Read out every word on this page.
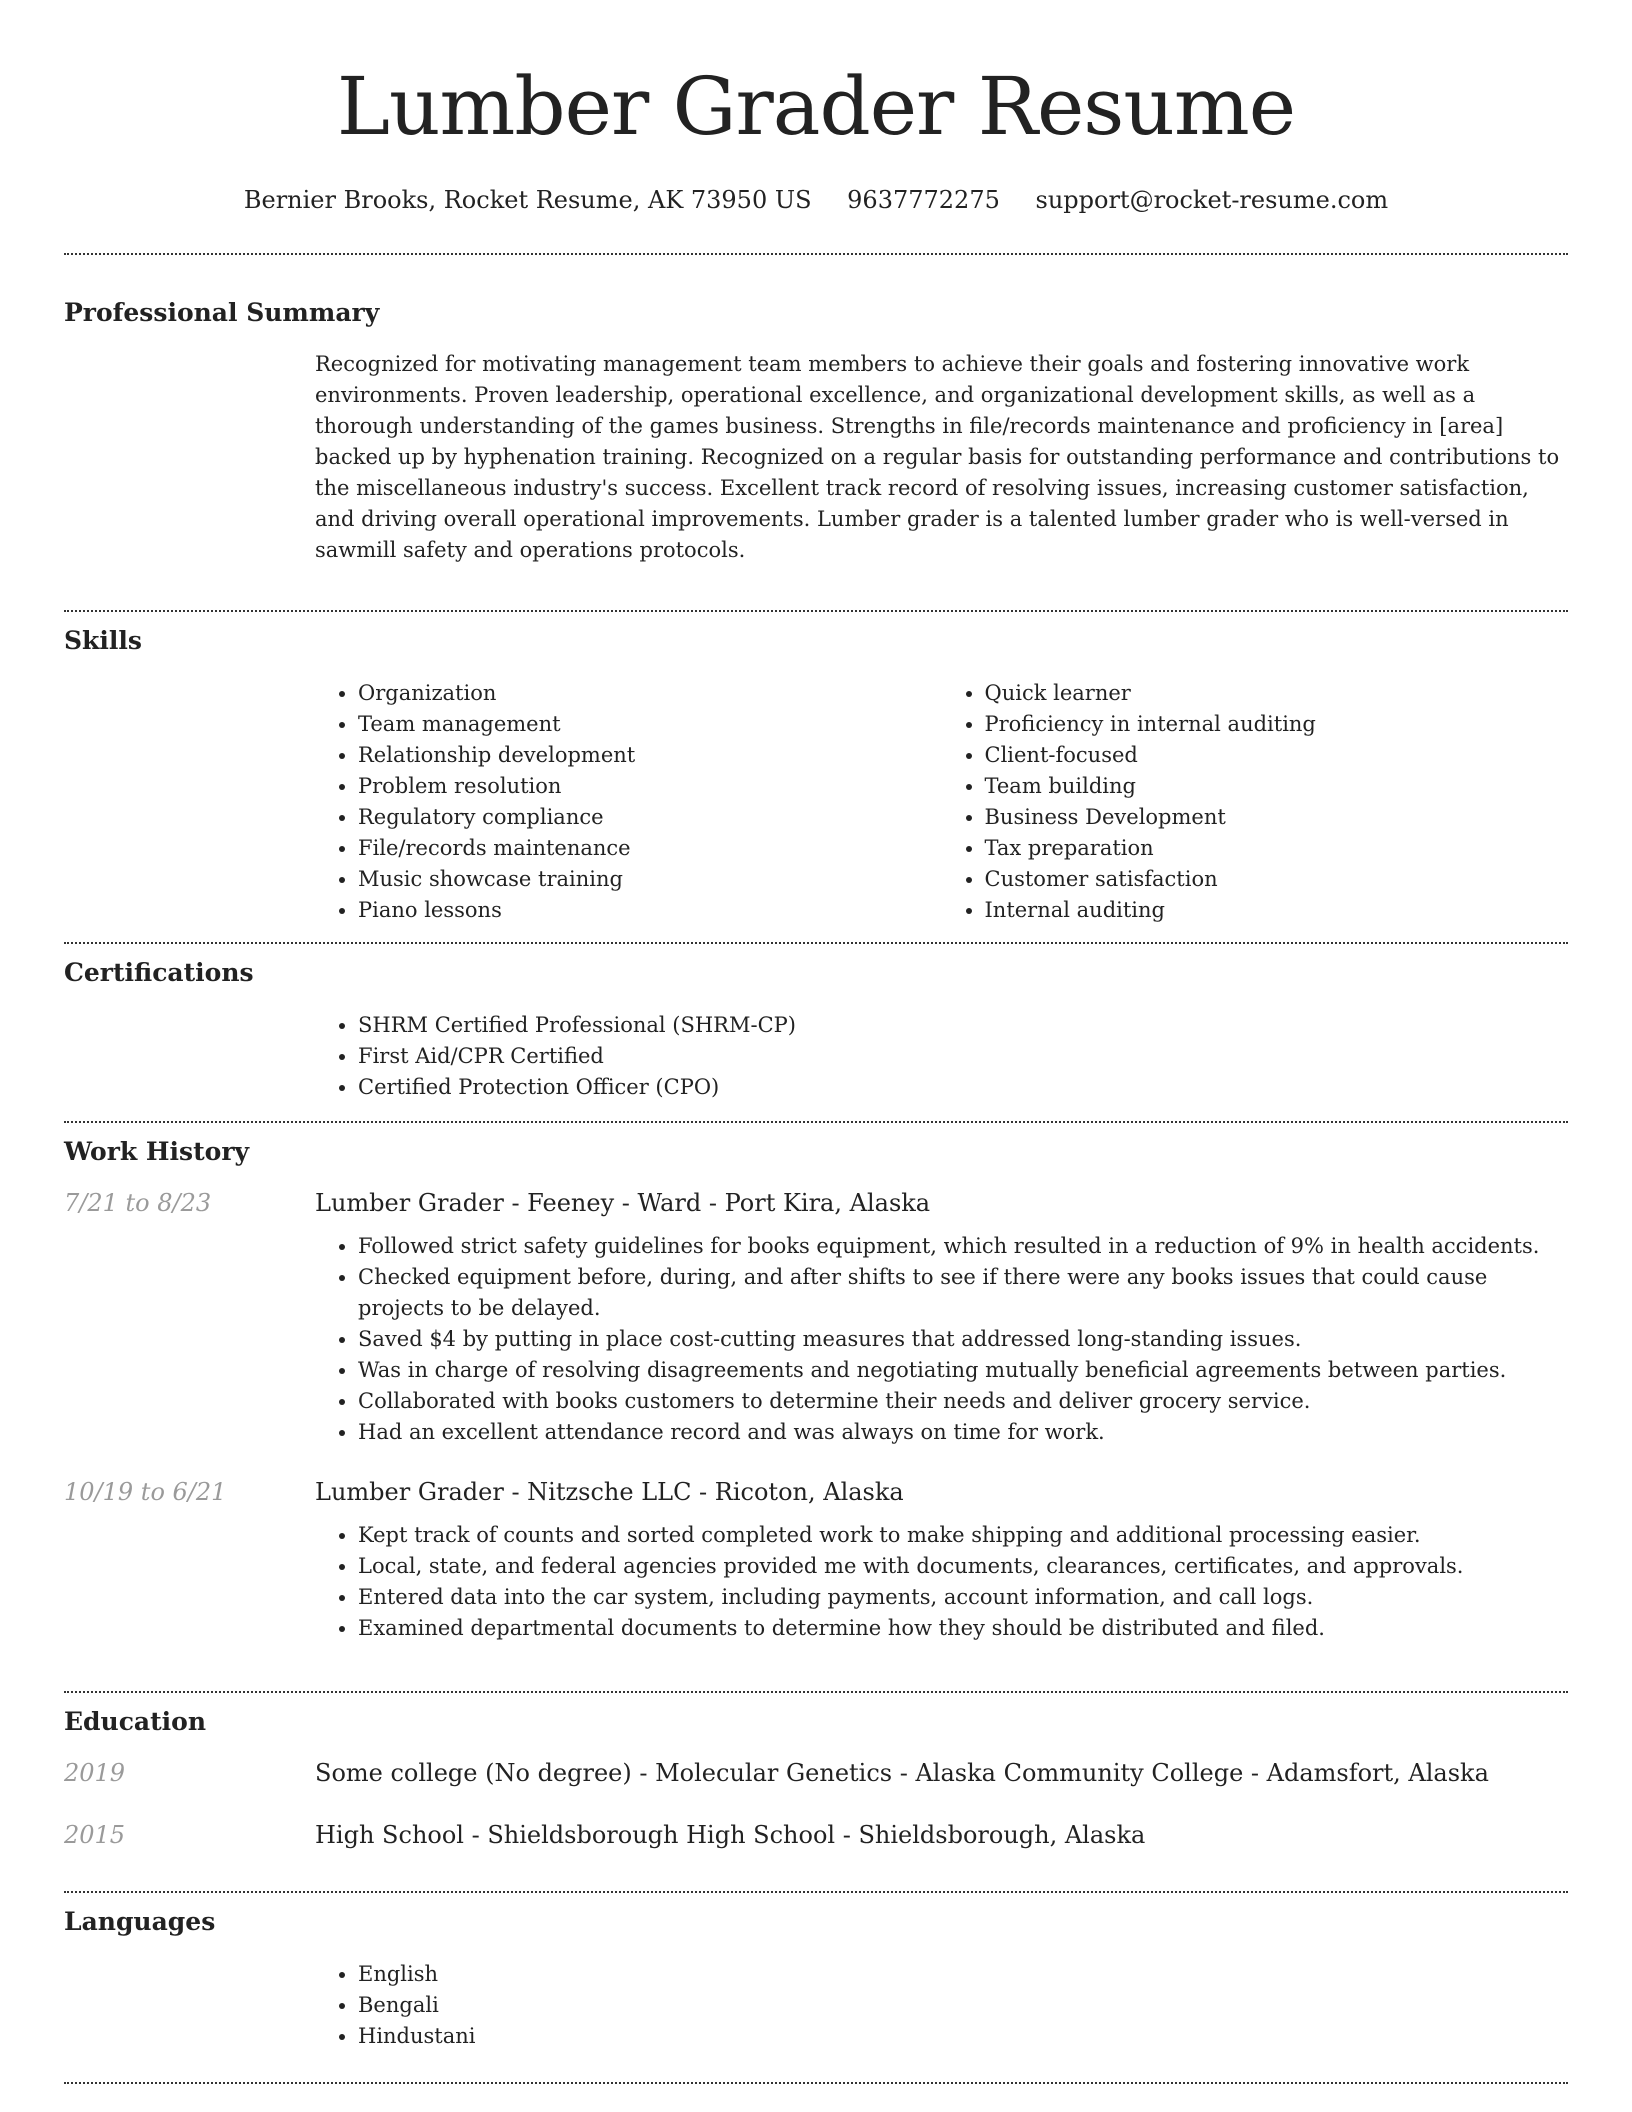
Lumber Grader Resume
Bernier Brooks, Rocket Resume, AK 73950 US 9637772275 support@rocket-resume.com
Professional Summary

Recognized for motivating management team members to achieve their goals and fostering innovative work environments. Proven leadership, operational excellence, and organizational development skills, as well as a thorough understanding of the games business. Strengths in file/records maintenance and proficiency in [area] backed up by hyphenation training. Recognized on a regular basis for outstanding performance and contributions to the miscellaneous industry's success. Excellent track record of resolving issues, increasing customer satisfaction, and driving overall operational improvements. Lumber grader is a talented lumber grader who is well-versed in sawmill safety and operations protocols.

Skills
• Organization
• Team management
• Relationship development
• Problem resolution
• Regulatory compliance
• File/records maintenance
• Music showcase training
• Piano lessons
• Quick learner
• Proficiency in internal auditing
• Client-focused
• Team building
• Business Development
• Tax preparation
• Customer satisfaction
• Internal auditing
Certifications
• SHRM Certified Professional (SHRM-CP)
• First Aid/CPR Certified
• Certified Protection Officer (CPO)
Work History
7/21 to 8/23	Lumber Grader - Feeney - Ward - Port Kira, Alaska
• Followed strict safety guidelines for books equipment, which resulted in a reduction of 9% in health accidents.
• Checked equipment before, during, and after shifts to see if there were any books issues that could cause projects to be delayed.
• Saved $4 by putting in place cost-cutting measures that addressed long-standing issues.
• Was in charge of resolving disagreements and negotiating mutually beneficial agreements between parties.
• Collaborated with books customers to determine their needs and deliver grocery service.
• Had an excellent attendance record and was always on time for work.
10/19 to 6/21	Lumber Grader - Nitzsche LLC - Ricoton, Alaska
• Kept track of counts and sorted completed work to make shipping and additional processing easier.
• Local, state, and federal agencies provided me with documents, clearances, certificates, and approvals.
• Entered data into the car system, including payments, account information, and call logs.
• Examined departmental documents to determine how they should be distributed and filed.
Education
2019	Some college (No degree) - Molecular Genetics - Alaska Community College - Adamsfort, Alaska
2015	High School - Shieldsborough High School - Shieldsborough, Alaska
Languages
• English
• Bengali
• Hindustani
